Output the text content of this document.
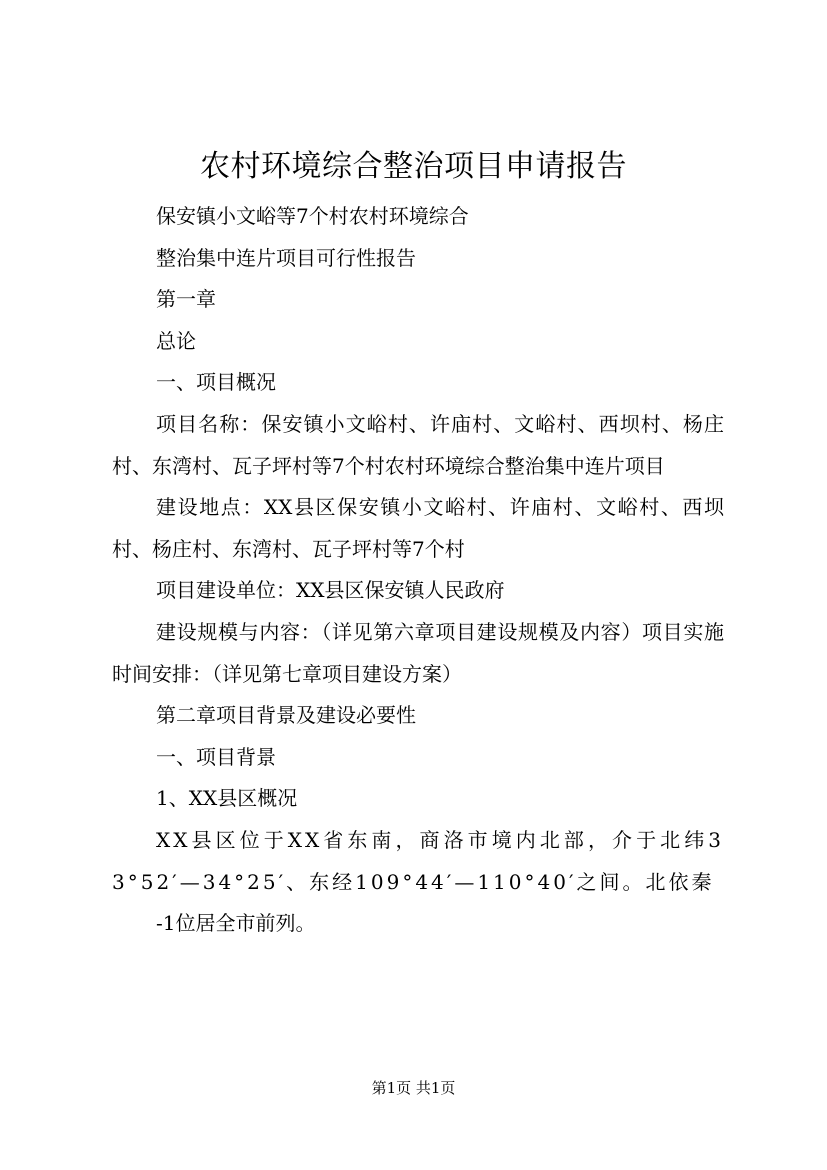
农村环境综合整治项目申请报告

保安镇小文峪等7个村农村环境综合

整治集中连片项目可行性报告

第一章

总论

一、项目概况

项目名称：保安镇小文峪村、许庙村、文峪村、西坝村、杨庄村、东湾村、瓦子坪村等7个村农村环境综合整治集中连片项目

建设地点：XX县区保安镇小文峪村、许庙村、文峪村、西坝村、杨庄村、东湾村、瓦子坪村等7个村

项目建设单位：XX县区保安镇人民政府

建设规模与内容：（详见第六章项目建设规模及内容）项目实施时间安排：（详见第七章项目建设方案）

第二章项目背景及建设必要性

一、项目背景

1、XX县区概况

XX县区位于XX省东南，商洛市境内北部，介于北纬33°52′—34°25′、东经109°44′—110°40′之间。北依秦

-1位居全市前列。

第1页 共1页
